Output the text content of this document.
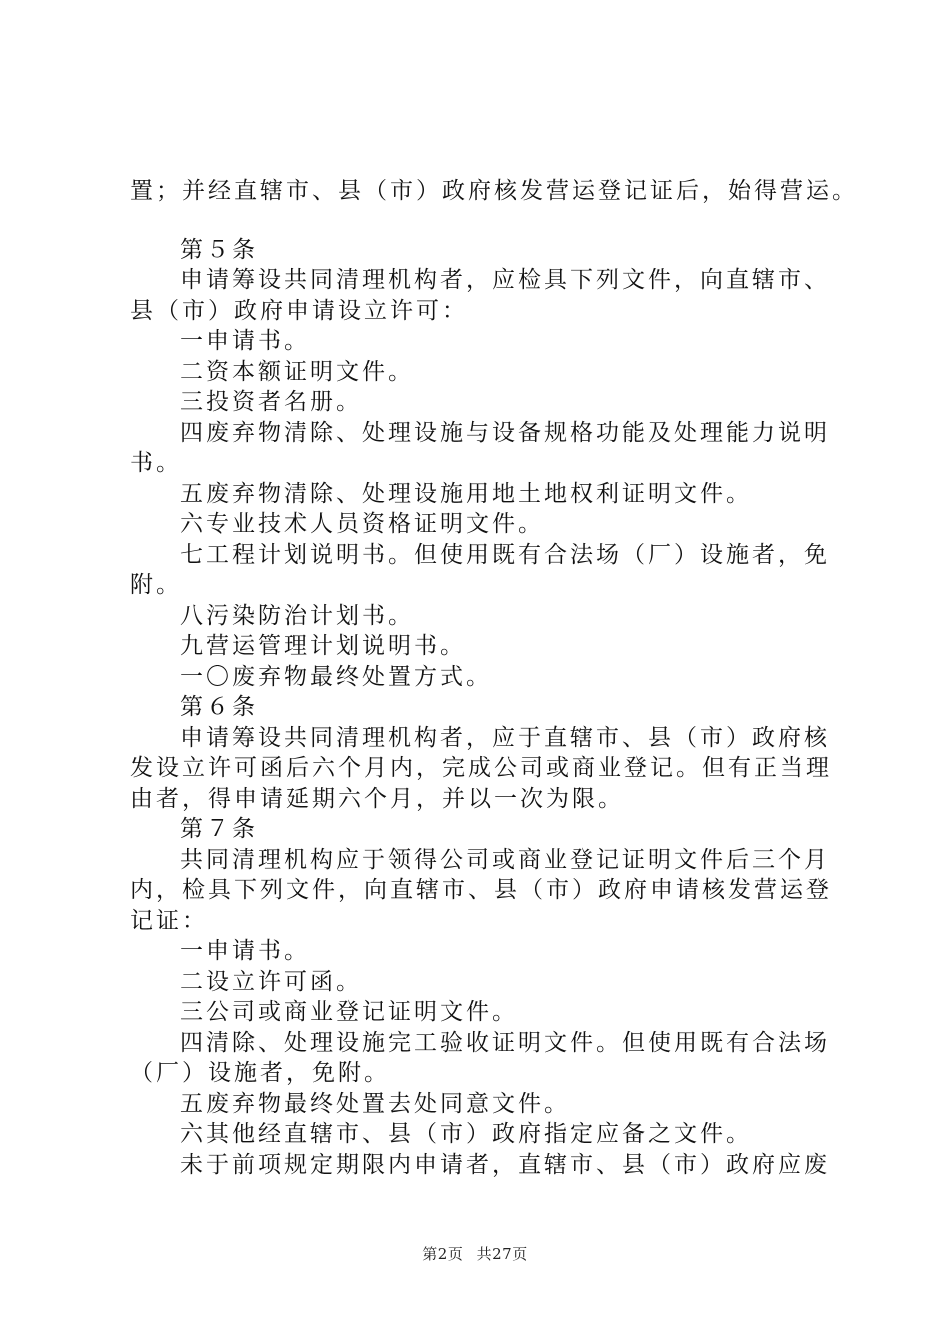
置；并经直辖市、县（市）政府核发营运登记证后，始得营运。
第５条
申请筹设共同清理机构者，应检具下列文件，向直辖市、
县（市）政府申请设立许可：
一申请书。
二资本额证明文件。
三投资者名册。
四废弃物清除、处理设施与设备规格功能及处理能力说明
书。
五废弃物清除、处理设施用地土地权利证明文件。
六专业技术人员资格证明文件。
七工程计划说明书。但使用既有合法场（厂）设施者，免
附。
八污染防治计划书。
九营运管理计划说明书。
一〇废弃物最终处置方式。
第６条
申请筹设共同清理机构者，应于直辖市、县（市）政府核
发设立许可函后六个月内，完成公司或商业登记。但有正当理
由者，得申请延期六个月，并以一次为限。
第７条
共同清理机构应于领得公司或商业登记证明文件后三个月
内，检具下列文件，向直辖市、县（市）政府申请核发营运登
记证：
一申请书。
二设立许可函。
三公司或商业登记证明文件。
四清除、处理设施完工验收证明文件。但使用既有合法场
（厂）设施者，免附。
五废弃物最终处置去处同意文件。
六其他经直辖市、县（市）政府指定应备之文件。
未于前项规定期限内申请者，直辖市、县（市）政府应废
第2页 共27页
